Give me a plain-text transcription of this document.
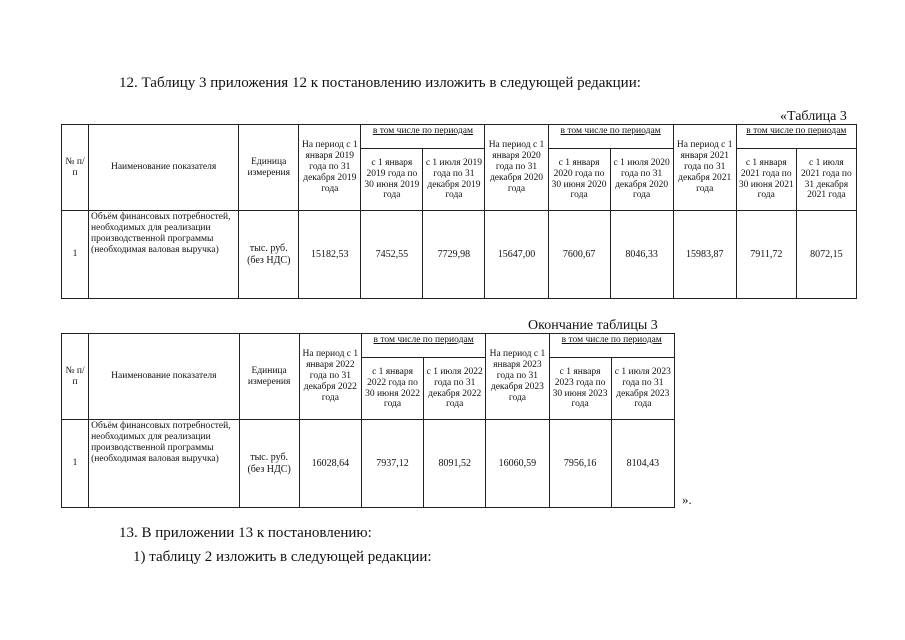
12. Таблицу 3 приложения 12 к постановлению изложить в следующей редакции:
«Таблица 3
№ п/п	Наименование показателя	Единица измерения	На период с 1 января 2019 года по 31 декабря 2019 года	в том числе по периодам		На период с 1 января 2020 года по 31 декабря 2020 года	в том числе по периодам		На период с 1 января 2021 года по 31 декабря 2021 года	в том числе по периодам	
				с 1 января 2019 года по 30 июня 2019 года	с 1 июля 2019 года по 31 декабря 2019 года		с 1 января 2020 года по 30 июня 2020 года	с 1 июля 2020 года по 31 декабря 2020 года		с 1 января 2021 года по 30 июня 2021 года	с 1 июля 2021 года по 31 декабря 2021 года
1	Объём финансовых потребностей, необходимых для реализации производственной программы (необходимая валовая выручка)	тыс. руб. (без НДС)	15182,53	7452,55	7729,98	15647,00	7600,67	8046,33	15983,87	7911,72	8072,15
Окончание таблицы 3
№ п/п	Наименование показателя	Единица измерения	На период с 1 января 2022 года по 31 декабря 2022 года	в том числе по периодам		На период с 1 января 2023 года по 31 декабря 2023 года	в том числе по периодам	
				с 1 января 2022 года по 30 июня 2022 года	с 1 июля 2022 года по 31 декабря 2022 года		с 1 января 2023 года по 30 июня 2023 года	с 1 июля 2023 года по 31 декабря 2023 года
1	Объём финансовых потребностей, необходимых для реализации производственной программы (необходимая валовая выручка)	тыс. руб. (без НДС)	16028,64	7937,12	8091,52	16060,59	7956,16	8104,43
».
13. В приложении 13 к постановлению:
1) таблицу 2 изложить в следующей редакции:
